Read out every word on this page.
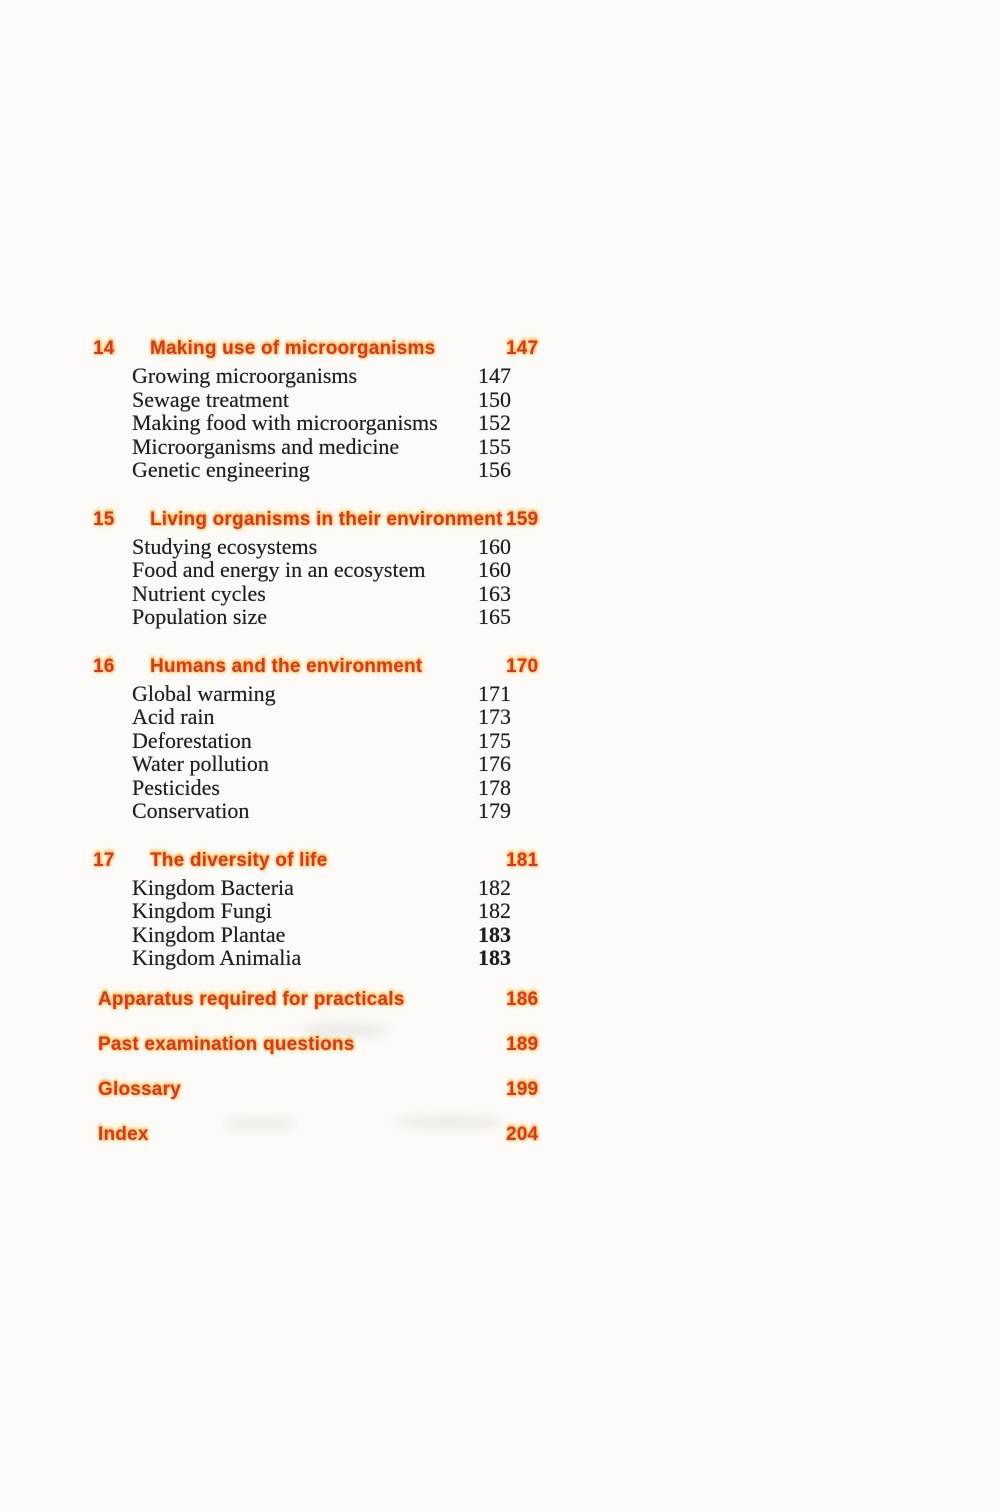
14 Making use of microorganisms	147
Growing microorganisms	147
Sewage treatment	150
Making food with microorganisms 152
Microorganisms and medicine	155
Genetic engineering	156
15 Living organisms in their environment 159
Studying ecosystems	160
Food and energy in an ecosystem 160
Nutrient cycles	163
Population size	165
16 Humans and the environment	170
Global warming	171
Acid rain	173
Deforestation	175
Water pollution	176
Pesticides	178
Conservation	179
17 The diversity of life	181
Kingdom Bacteria	182
Kingdom Fungi	182
Kingdom Plantae	183
Kingdom Animalia	183
Apparatus required for practicals	186
Past examination questions	189
Glossary	199
Index	204
